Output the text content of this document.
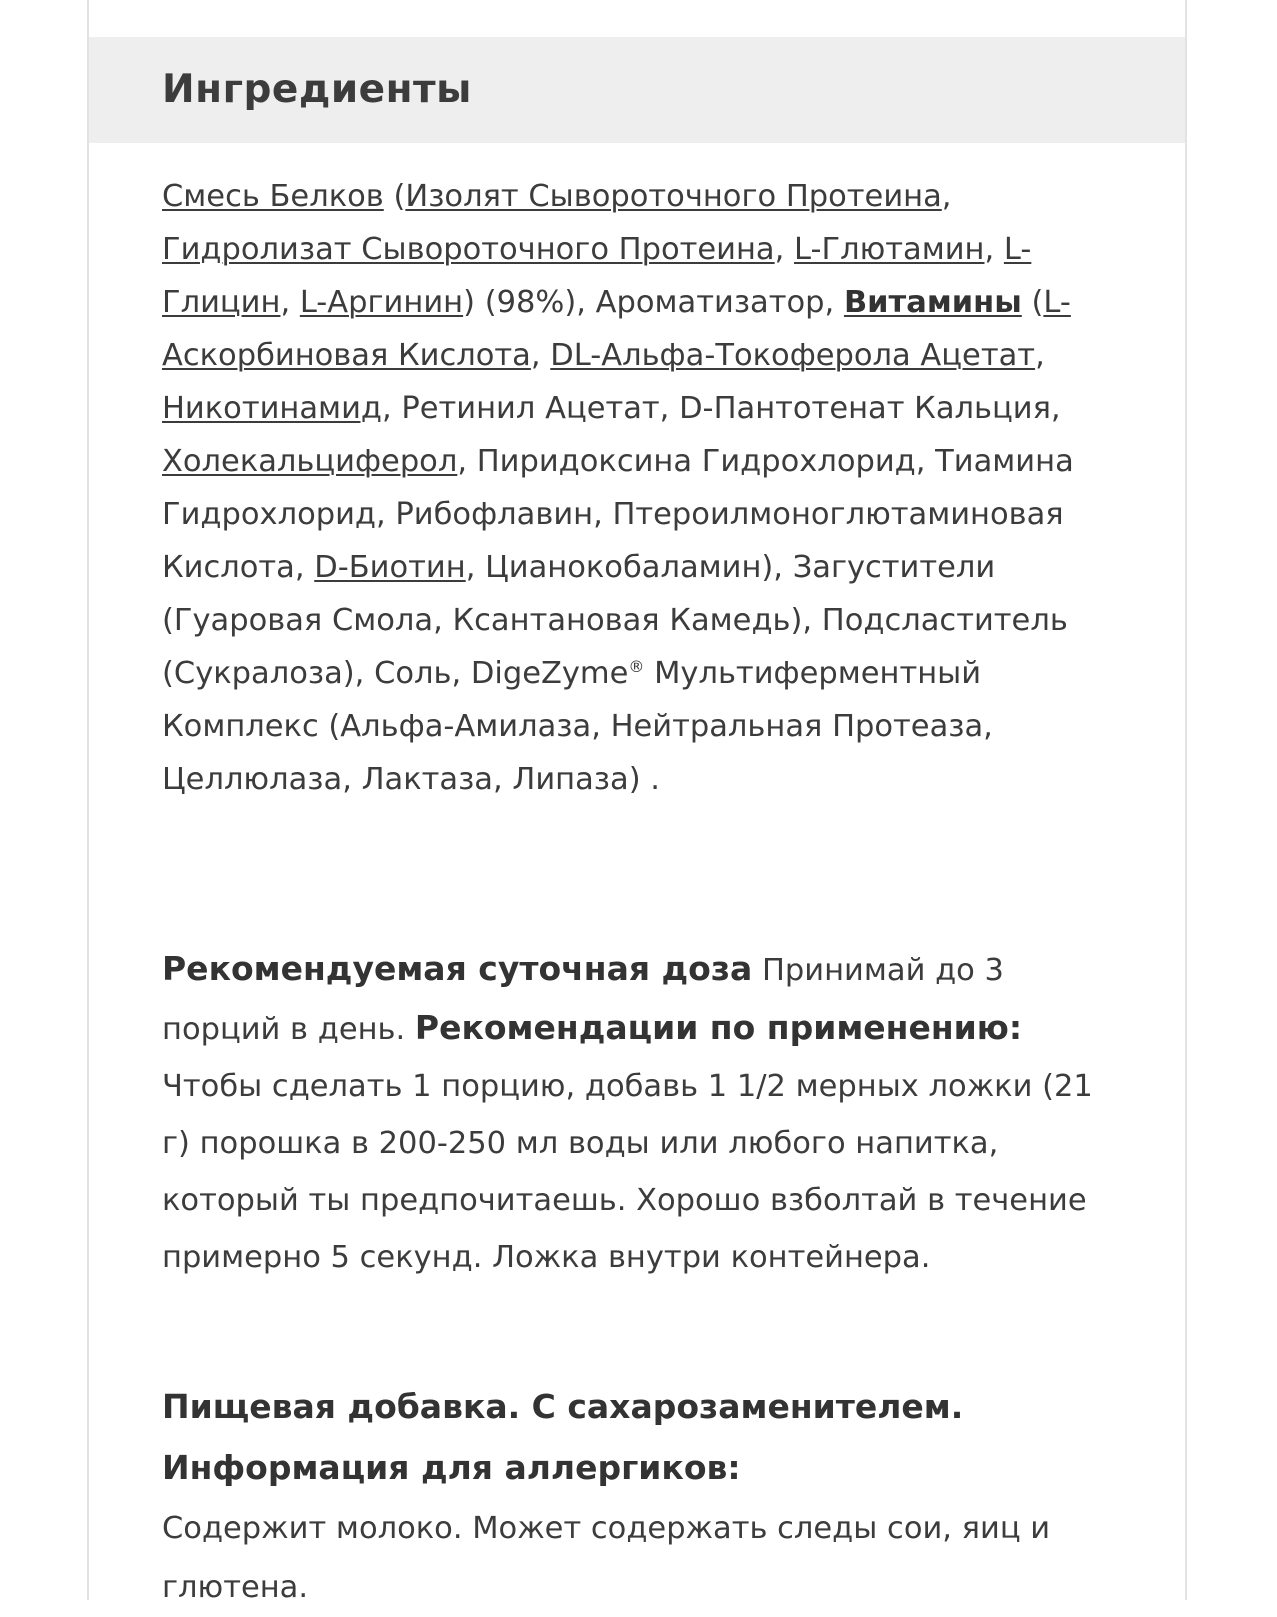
Ингредиенты
Смесь Белков (Изолят Сывороточного Протеина, Гидролизат Сывороточного Протеина, L-Глютамин, L-Глицин, L-Аргинин) (98%), Ароматизатор, Витамины (L-Аскорбиновая Кислота, DL-Альфа-Токоферола Ацетат, Никотинамид, Ретинил Ацетат, D-Пантотенат Кальция, Холекальциферол, Пиридоксина Гидрохлорид, Тиамина Гидрохлорид, Рибофлавин, Птероилмоноглютаминовая Кислота, D-Биотин, Цианокобаламин), Загустители (Гуаровая Смола, Ксантановая Камедь), Подсластитель (Сукралоза), Соль, DigeZyme® Мультиферментный Комплекс (Альфа-Амилаза, Нейтральная Протеаза, Целлюлаза, Лактаза, Липаза) .
Рекомендуемая суточная доза Принимай до 3 порций в день. Рекомендации по применению: Чтобы сделать 1 порцию, добавь 1 1/2 мерных ложки (21 г) порошка в 200-250 мл воды или любого напитка, который ты предпочитаешь. Хорошо взболтай в течение примерно 5 секунд. Ложка внутри контейнера.
Пищевая добавка. С сахарозаменителем.
Информация для аллергиков:
Содержит молоко. Может содержать следы сои, яиц и глютена.
